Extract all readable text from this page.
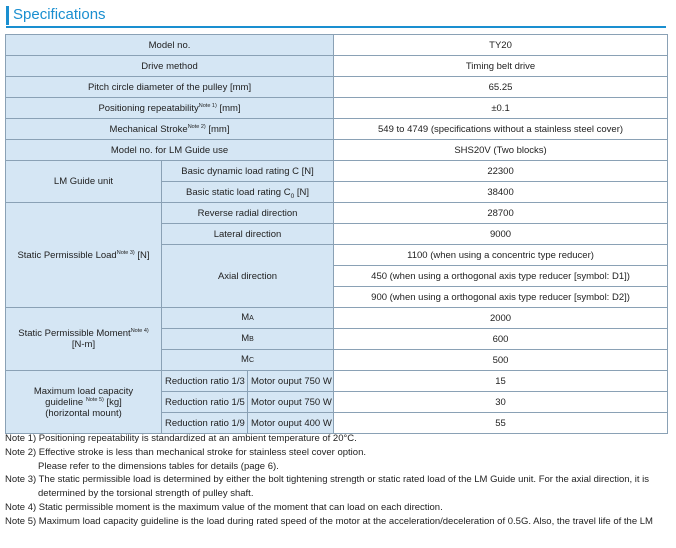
Specifications
Model no.			TY20
Drive method			Timing belt drive
Pitch circle diameter of the pulley [mm]			65.25
Positioning repeatability$^{Note 1)}$ [mm]			±0.1
Mechanical Stroke$^{Note 2)}$ [mm]			549 to 4749 (specifications without a stainless steel cover)
Model no. for LM Guide use			SHS20V (Two blocks)
LM Guide unit	Basic dynamic load rating C [N]		22300
	Basic static load rating $C_0$ [N]		38400
Static Permissible Load$^{Note 3)}$ [N]	Reverse radial direction		28700
	Lateral direction		9000
	Axial direction		1100 (when using a concentric type reducer)
			450 (when using a orthogonal axis type reducer [symbol: D1])
			900 (when using a orthogonal axis type reducer [symbol: D2])
Static Permissible Moment$^{Note 4)}$
[N-m]	MA		2000
	MB		600
	MC		500
Maximum load capacity
guideline $^{Note 5)}$ [kg]
(horizontal mount)	Reduction ratio 1/3	Motor ouput 750 W	15
	Reduction ratio 1/5	Motor ouput 750 W	30
	Reduction ratio 1/9	Motor ouput 400 W	55
Note 1) Positioning repeatability is standardized at an ambient temperature of 20°C.
Note 2) Effective stroke is less than mechanical stroke for stainless steel cover option.
Please refer to the dimensions tables for details (page 6).
Note 3) The static permissible load is determined by either the bolt tightening strength or static rated load of the LM Guide unit. For the axial direction, it is
determined by the torsional strength of pulley shaft.
Note 4) Static permissible moment is the maximum value of the moment that can load on each direction.
Note 5) Maximum load capacity guideline is the load during rated speed of the motor at the acceleration/deceleration of 0.5G. Also, the travel life of the LM
